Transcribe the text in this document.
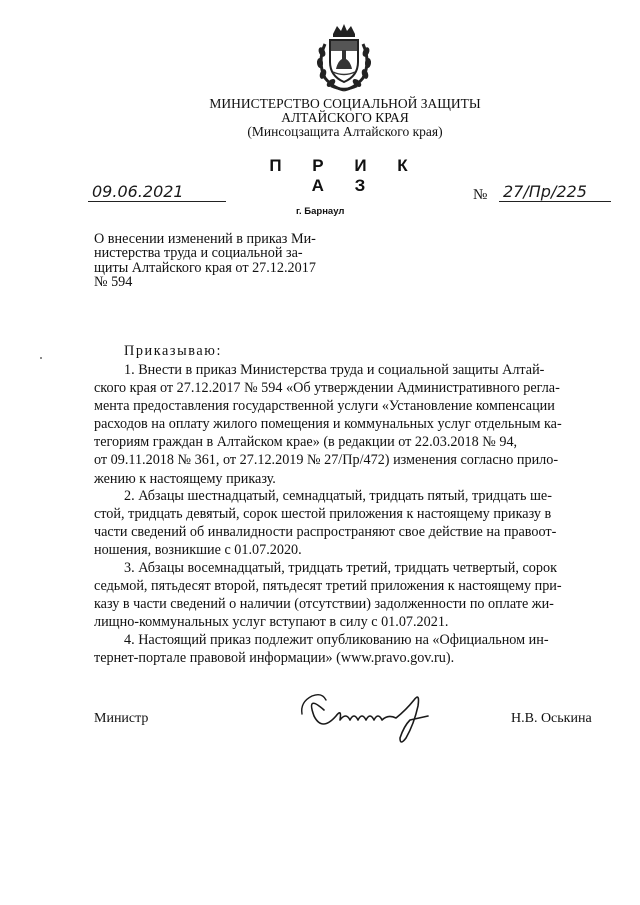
МИНИСТЕРСТВО СОЦИАЛЬНОЙ ЗАЩИТЫ
АЛТАЙСКОГО КРАЯ
(Минсоцзащита Алтайского края)
П Р И К А З
09.06.2021	№ 27/Пр/225
г. Барнаул

О внесении изменений в приказ Ми-

нистерства труда и социальной за-

щиты Алтайского края от 27.12.2017

№ 594

Приказываю:

1. Внести в приказ Министерства труда и социальной защиты Алтай-

ского края от 27.12.2017 № 594 «Об утверждении Административного регла-

мента предоставления государственной услуги «Установление компенсации

расходов на оплату жилого помещения и коммунальных услуг отдельным ка-

тегориям граждан в Алтайском крае» (в редакции от 22.03.2018 № 94,

от 09.11.2018 № 361, от 27.12.2019 № 27/Пр/472) изменения согласно прило-

жению к настоящему приказу.

2. Абзацы шестнадцатый, семнадцатый, тридцать пятый, тридцать ше-

стой, тридцать девятый, сорок шестой приложения к настоящему приказу в

части сведений об инвалидности распространяют свое действие на правоот-

ношения, возникшие с 01.07.2020.

3. Абзацы восемнадцатый, тридцать третий, тридцать четвертый, сорок

седьмой, пятьдесят второй, пятьдесят третий приложения к настоящему при-

казу в части сведений о наличии (отсутствии) задолженности по оплате жи-

лищно-коммунальных услуг вступают в силу с 01.07.2021.

4. Настоящий приказ подлежит опубликованию на «Официальном ин-

тернет-портале правовой информации» (www.pravo.gov.ru).

Министр	Н.В. Оськина
